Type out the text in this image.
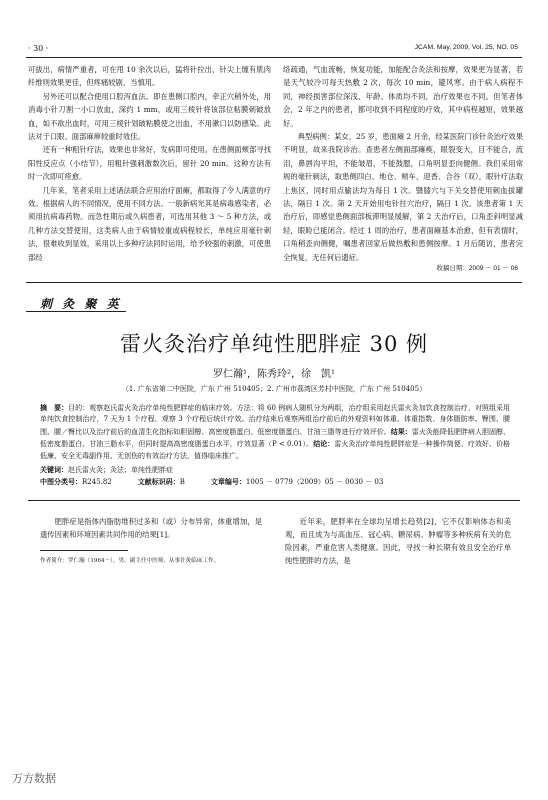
· 30 ·	JCAM. May, 2009, Vol. 25, NO. 05

可拔出，病情严重者，可在甩 10 余次以后，猛将针拉出，针尖上缠有肌肉纤维则效果更佳，但疼痛较剧，当慎用。

另外还可以配合使用口腔泻血法。即在患侧口腔内，牵正穴稍外处，用消毒小针刀割一小口放血，深约 1 mm，或用三棱针将该部位粘膜刺破放血，如不欲出血时，可用三棱针划破粘膜使之出血，不用漱口以防感染。此法对于口眼、面部麻痹较重时效佳。

还有一种粗针疗法，效果也非常好，发病即可使用。在患侧面颊部寻找阳性反应点（小结节），用粗针强刺激数次后，留针 20 min。这种方法有时一次即可痊愈。

几年来，笔者采用上述诸法联合应用治疗面瘫，都取得了令人满意的疗效。根据病人的不同情况，使用不同方法。一般新病光其是病毒感染者，必须用抗病毒药物。而急性期后或久病患者，可选用其他 3 ～ 5 种方法，或几种方法交替使用，这类病人由于病情较重或病程较长，单纯应用毫针刺法，很难收到显效，采用以上多种疗法同时运用，给予较强的刺激，可使患部经

络疏通，气血流畅，恢复功能，加能配合灸法和按摩，效果更为显著，若是天气较冷可每天热敷 2 次，每次 10 min，避风寒。由于病人病程不同，神经损害部位深浅、年龄、体质均不同，治疗效果也不同。但笔者体会，2 年之内的患者，都可收到不同程度的疗效，其中病程越短，效果越好。

典型病例：某女，25 岁，患面瘫 2 月余，经某医院门诊针灸治疗效果不明显，故来我院诊治。查患者左侧面部瘫痪，眼裂变大，目不能合，流泪，鼻唇沟平坦，不能皱眉，不能鼓腮，口角明显歪向健侧。我们采用常规的毫针刺法，取患侧四白、地仓、颊车、迎香、合谷（双），眼针疗法取上焦区，同时用点腧法均为每日 1 次。翳膝穴与下关交替使用刺血拔罐法，隔日 1 次。第 2 天开始用电针拄穴治疗，隔日 1 次。该患者第 1 天治疗后，即感觉患侧面部板滞明显缓解，第 2 天治疗后，口角歪斜明显减轻，眼睑已能闭合。经过 1 周的治疗，患者面瘫基本治愈，但有表情时，口角稍歪向侧健，嘱患者回家后做热敷和患侧按摩。1 月后随访，患者完全恢复，无任何后遗症。

收稿日期：2009 － 01 － 06
刺 灸 聚 英
雷火灸治疗单纯性肥胖症 30 例
罗仁瀚¹，陈秀玲²，徐　凯¹
（1. 广东省第二中医院，广东 广州 510405；2. 广州市荔湾区芳村中医院，广东 广州 510405）

摘　要：目的：观察赵氏雷火灸治疗单纯性肥胖症的临床疗效。方法：将 60 例病人随机分为两组，治疗组采用赵氏雷火灸加饮食控制治疗，对照组采用单纯饮食控制治疗，7 天为 1 个疗程，观察 3 个疗程后统计疗效。治疗结束后观察两组治疗前后的外观资料如体重、体重指数、身体脂肪率、臀围、腰围、腰／臀比以及治疗前后的血清生化指标如胆固醇、高密度脂蛋白、低密度脂蛋白、甘油三脂等进行疗效评价。结果：雷火灸能降低肥胖病人胆固醇、低密度脂蛋白、甘油三脂水平，但同时提高高密度脂蛋白水平，疗效显著（P < 0.01）。结论：雷火灸治疗单纯性肥胖症是一种操作简便、疗效好、价格低廉、安全无毒副作用、无创伤的有效治疗方法，值得临床推广。

关键词：赵氏雷火灸；灸法；单纯性肥胖症
中图分类号：R245.82	文献标识码：B	文章编号：1005 － 0779（2009）05 － 0030 － 03
肥胖症是指体内脂肪堆积过多和（或）分布异常，体重增加，是遗传因素和环境因素共同作用的结果[1]。
近年来，肥胖率在全球均呈增长趋势[2]，它不仅影响体态和美观，而且成为与高血压、冠心病、糖尿病、肿瘤等多种疾病有关的危险因素，严重危害人类健康。因此，寻找一种长期有效且安全治疗单纯性肥胖的方法，是
作者简介：罗仁瀚（1964－），男，副主任中医师，从事针灸临床工作。
万方数据
